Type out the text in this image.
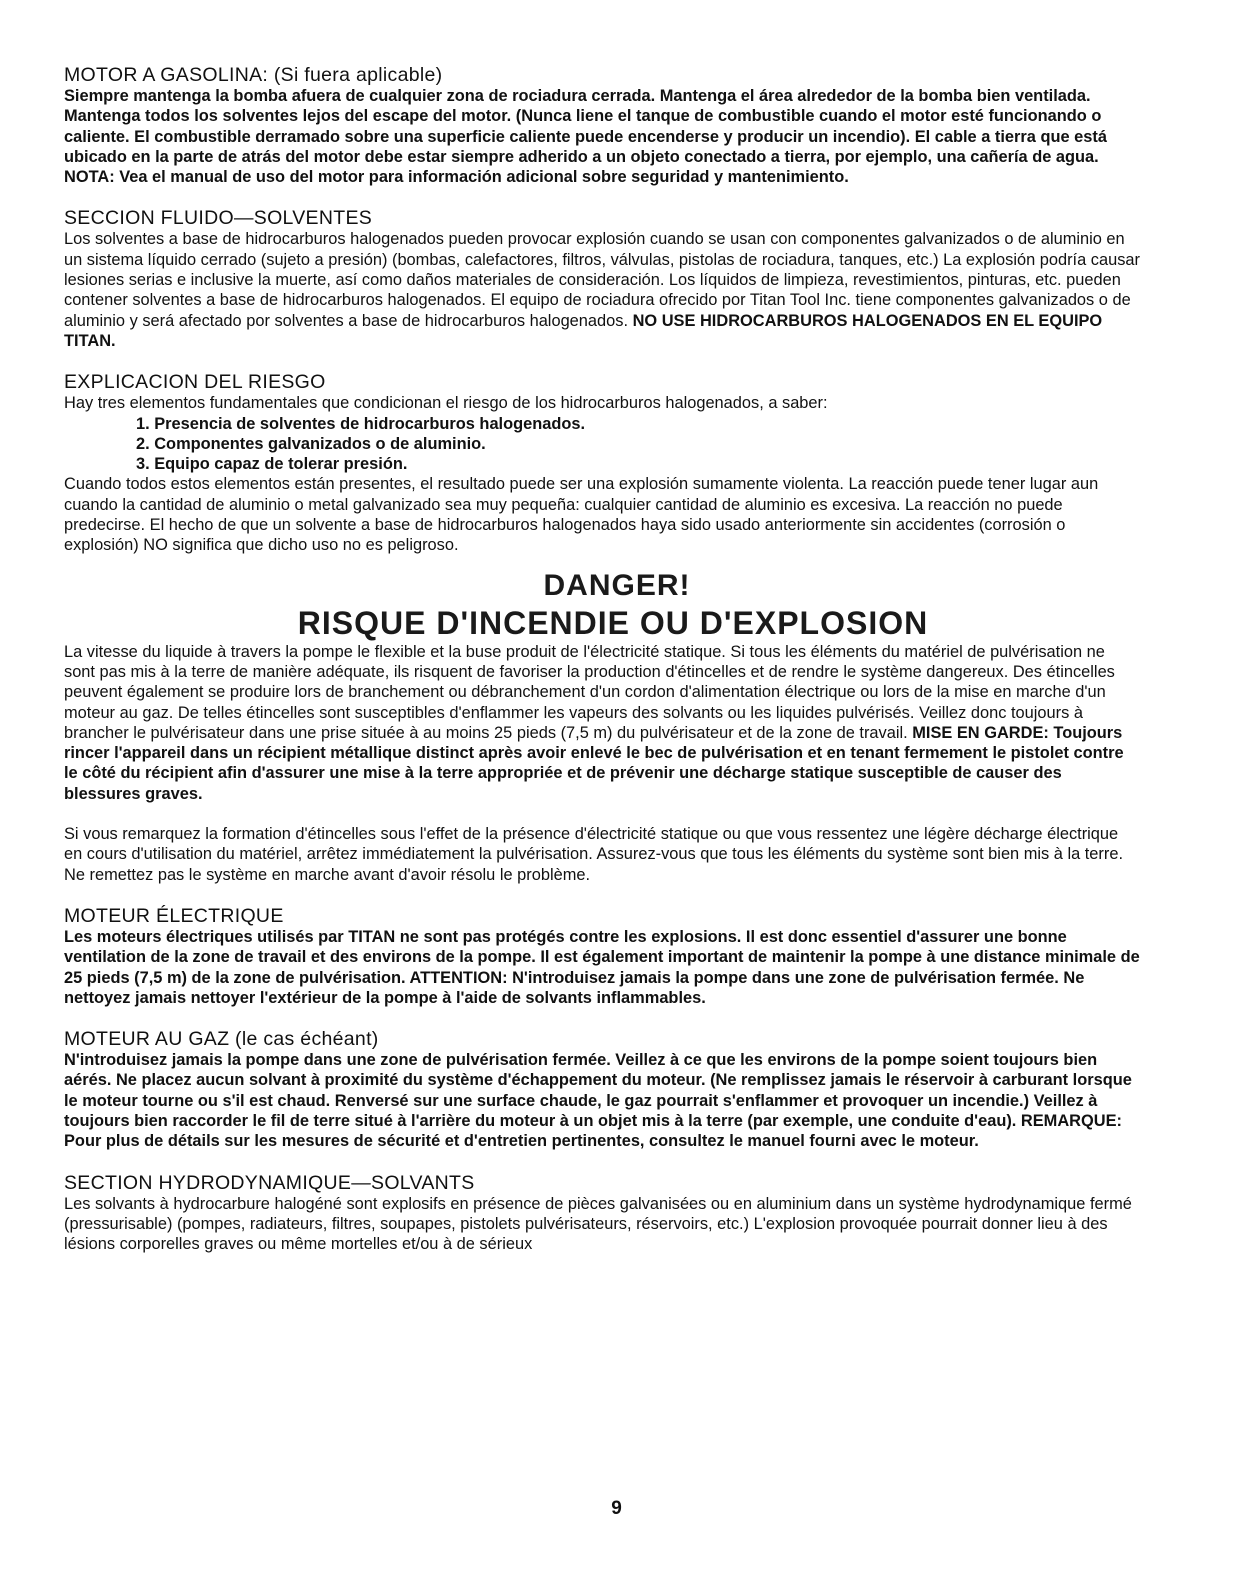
MOTOR A GASOLINA: (Si fuera aplicable)

Siempre mantenga la bomba afuera de cualquier zona de rociadura cerrada. Mantenga el área alrededor de la bomba bien ventilada. Mantenga todos los solventes lejos del escape del motor. (Nunca liene el tanque de combustible cuando el motor esté funcionando o caliente. El combustible derramado sobre una superficie caliente puede encenderse y producir un incendio). El cable a tierra que está ubicado en la parte de atrás del motor debe estar siempre adherido a un objeto conectado a tierra, por ejemplo, una cañería de agua. NOTA: Vea el manual de uso del motor para información adicional sobre seguridad y mantenimiento.

SECCION FLUIDO—SOLVENTES

Los solventes a base de hidrocarburos halogenados pueden provocar explosión cuando se usan con componentes galvanizados o de aluminio en un sistema líquido cerrado (sujeto a presión) (bombas, calefactores, filtros, válvulas, pistolas de rociadura, tanques, etc.) La explosión podría causar lesiones serias e inclusive la muerte, así como daños materiales de consideración. Los líquidos de limpieza, revestimientos, pinturas, etc. pueden contener solventes a base de hidrocarburos halogenados. El equipo de rociadura ofrecido por Titan Tool Inc. tiene componentes galvanizados o de aluminio y será afectado por solventes a base de hidrocarburos halogenados. NO USE HIDROCARBUROS HALOGENADOS EN EL EQUIPO TITAN.

EXPLICACION DEL RIESGO

Hay tres elementos fundamentales que condicionan el riesgo de los hidrocarburos halogenados, a saber:

1. Presencia de solventes de hidrocarburos halogenados.
2. Componentes galvanizados o de aluminio.
3. Equipo capaz de tolerar presión.

Cuando todos estos elementos están presentes, el resultado puede ser una explosión sumamente violenta. La reacción puede tener lugar aun cuando la cantidad de aluminio o metal galvanizado sea muy pequeña: cualquier cantidad de aluminio es excesiva. La reacción no puede predecirse. El hecho de que un solvente a base de hidrocarburos halogenados haya sido usado anteriormente sin accidentes (corrosión o explosión) NO significa que dicho uso no es peligroso.

DANGER!
RISQUE D'INCENDIE OU D'EXPLOSION

La vitesse du liquide à travers la pompe le flexible et la buse produit de l'électricité statique. Si tous les éléments du matériel de pulvérisation ne sont pas mis à la terre de manière adéquate, ils risquent de favoriser la production d'étincelles et de rendre le système dangereux. Des étincelles peuvent également se produire lors de branchement ou débranchement d'un cordon d'alimentation électrique ou lors de la mise en marche d'un moteur au gaz. De telles étincelles sont susceptibles d'enflammer les vapeurs des solvants ou les liquides pulvérisés. Veillez donc toujours à brancher le pulvérisateur dans une prise située à au moins 25 pieds (7,5 m) du pulvérisateur et de la zone de travail. MISE EN GARDE: Toujours rincer l'appareil dans un récipient métallique distinct après avoir enlevé le bec de pulvérisation et en tenant fermement le pistolet contre le côté du récipient afin d'assurer une mise à la terre appropriée et de prévenir une décharge statique susceptible de causer des blessures graves.

Si vous remarquez la formation d'étincelles sous l'effet de la présence d'électricité statique ou que vous ressentez une légère décharge électrique en cours d'utilisation du matériel, arrêtez immédiatement la pulvérisation. Assurez-vous que tous les éléments du système sont bien mis à la terre. Ne remettez pas le système en marche avant d'avoir résolu le problème.

MOTEUR ÉLECTRIQUE

Les moteurs électriques utilisés par TITAN ne sont pas protégés contre les explosions. Il est donc essentiel d'assurer une bonne ventilation de la zone de travail et des environs de la pompe. Il est également important de maintenir la pompe à une distance minimale de 25 pieds (7,5 m) de la zone de pulvérisation. ATTENTION: N'introduisez jamais la pompe dans une zone de pulvérisation fermée. Ne nettoyez jamais nettoyer l'extérieur de la pompe à l'aide de solvants inflammables.

MOTEUR AU GAZ (le cas échéant)

N'introduisez jamais la pompe dans une zone de pulvérisation fermée. Veillez à ce que les environs de la pompe soient toujours bien aérés. Ne placez aucun solvant à proximité du système d'échappement du moteur. (Ne remplissez jamais le réservoir à carburant lorsque le moteur tourne ou s'il est chaud. Renversé sur une surface chaude, le gaz pourrait s'enflammer et provoquer un incendie.) Veillez à toujours bien raccorder le fil de terre situé à l'arrière du moteur à un objet mis à la terre (par exemple, une conduite d'eau). REMARQUE: Pour plus de détails sur les mesures de sécurité et d'entretien pertinentes, consultez le manuel fourni avec le moteur.

SECTION HYDRODYNAMIQUE—SOLVANTS

Les solvants à hydrocarbure halogéné sont explosifs en présence de pièces galvanisées ou en aluminium dans un système hydrodynamique fermé (pressurisable) (pompes, radiateurs, filtres, soupapes, pistolets pulvérisateurs, réservoirs, etc.) L'explosion provoquée pourrait donner lieu à des lésions corporelles graves ou même mortelles et/ou à de sérieux

9
